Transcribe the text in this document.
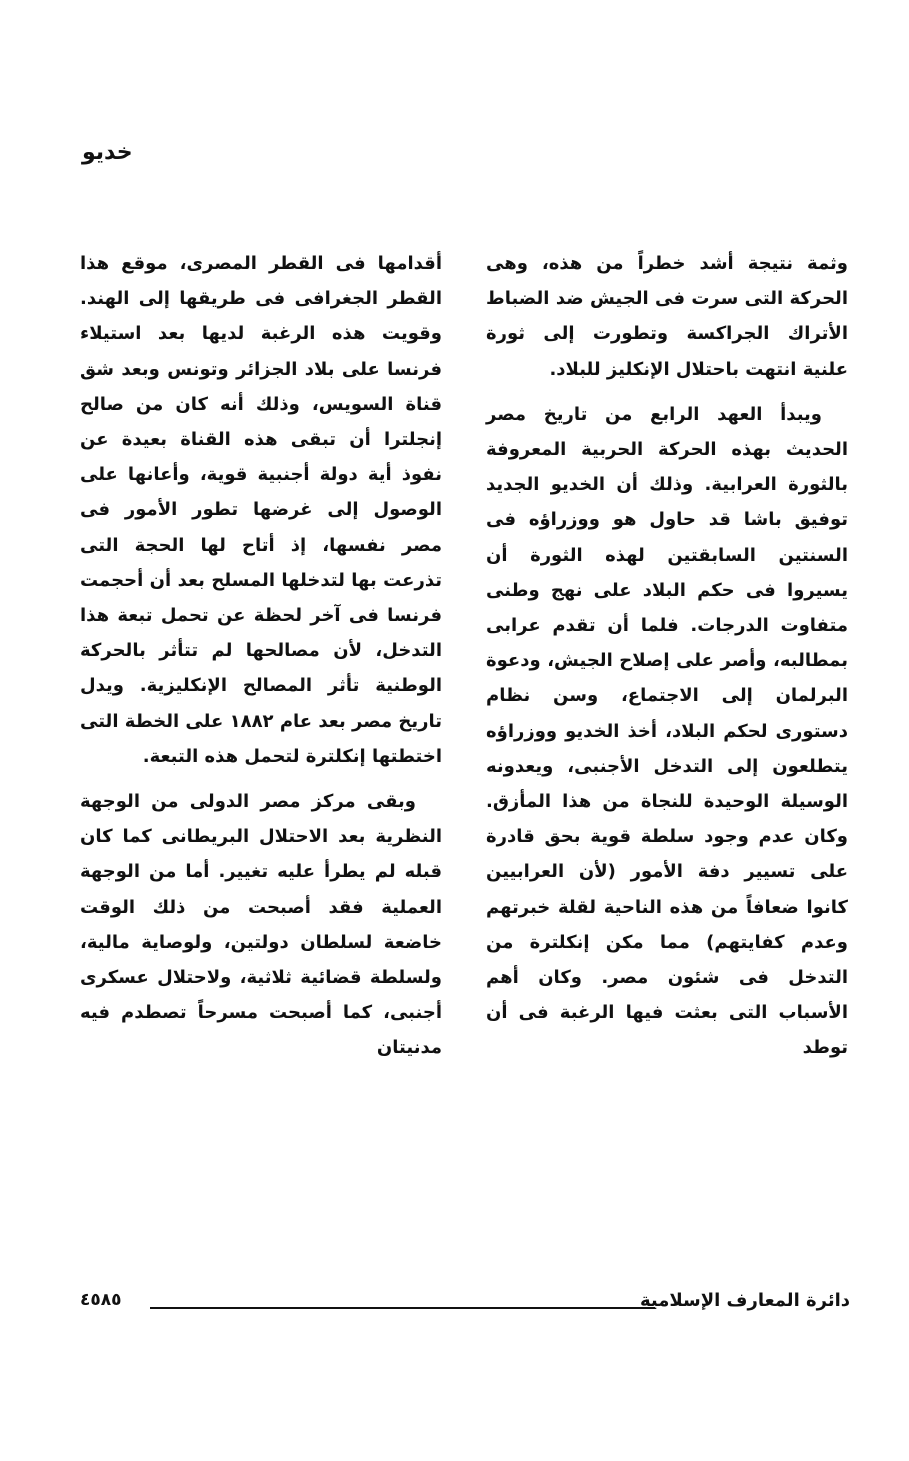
خديو

وثمة نتيجة أشد خطراً من هذه، وهى الحركة التى سرت فى الجيش ضد الضباط الأتراك الجراكسة وتطورت إلى ثورة علنية انتهت باحتلال الإنكليز للبلاد.

ويبدأ العهد الرابع من تاريخ مصر الحديث بهذه الحركة الحربية المعروفة بالثورة العرابية. وذلك أن الخديو الجديد توفيق باشا قد حاول هو ووزراؤه فى السنتين السابقتين لهذه الثورة أن يسيروا فى حكم البلاد على نهج وطنى متفاوت الدرجات. فلما أن تقدم عرابى بمطالبه، وأصر على إصلاح الجيش، ودعوة البرلمان إلى الاجتماع، وسن نظام دستورى لحكم البلاد، أخذ الخديو ووزراؤه يتطلعون إلى التدخل الأجنبى، ويعدونه الوسيلة الوحيدة للنجاة من هذا المأزق. وكان عدم وجود سلطة قوية بحق قادرة على تسيير دفة الأمور (لأن العرابيين كانوا ضعافاً من هذه الناحية لقلة خبرتهم وعدم كفايتهم) مما مكن إنكلترة من التدخل فى شئون مصر. وكان أهم الأسباب التى بعثت فيها الرغبة فى أن توطد

أقدامها فى القطر المصرى، موقع هذا القطر الجغرافى فى طريقها إلى الهند. وقويت هذه الرغبة لديها بعد استيلاء فرنسا على بلاد الجزائر وتونس وبعد شق قناة السويس، وذلك أنه كان من صالح إنجلترا أن تبقى هذه القناة بعيدة عن نفوذ أية دولة أجنبية قوية، وأعانها على الوصول إلى غرضها تطور الأمور فى مصر نفسها، إذ أتاح لها الحجة التى تذرعت بها لتدخلها المسلح بعد أن أحجمت فرنسا فى آخر لحظة عن تحمل تبعة هذا التدخل، لأن مصالحها لم تتأثر بالحركة الوطنية تأثر المصالح الإنكليزية. ويدل تاريخ مصر بعد عام ١٨٨٢ على الخطة التى اختطتها إنكلترة لتحمل هذه التبعة.

وبقى مركز مصر الدولى من الوجهة النظرية بعد الاحتلال البريطانى كما كان قبله لم يطرأ عليه تغيير. أما من الوجهة العملية فقد أصبحت من ذلك الوقت خاضعة لسلطان دولتين، ولوصاية مالية، ولسلطة قضائية ثلاثية، ولاحتلال عسكرى أجنبى، كما أصبحت مسرحاً تصطدم فيه مدنيتان

دائرة المعارف الإسلامية
٤٥٨٥
